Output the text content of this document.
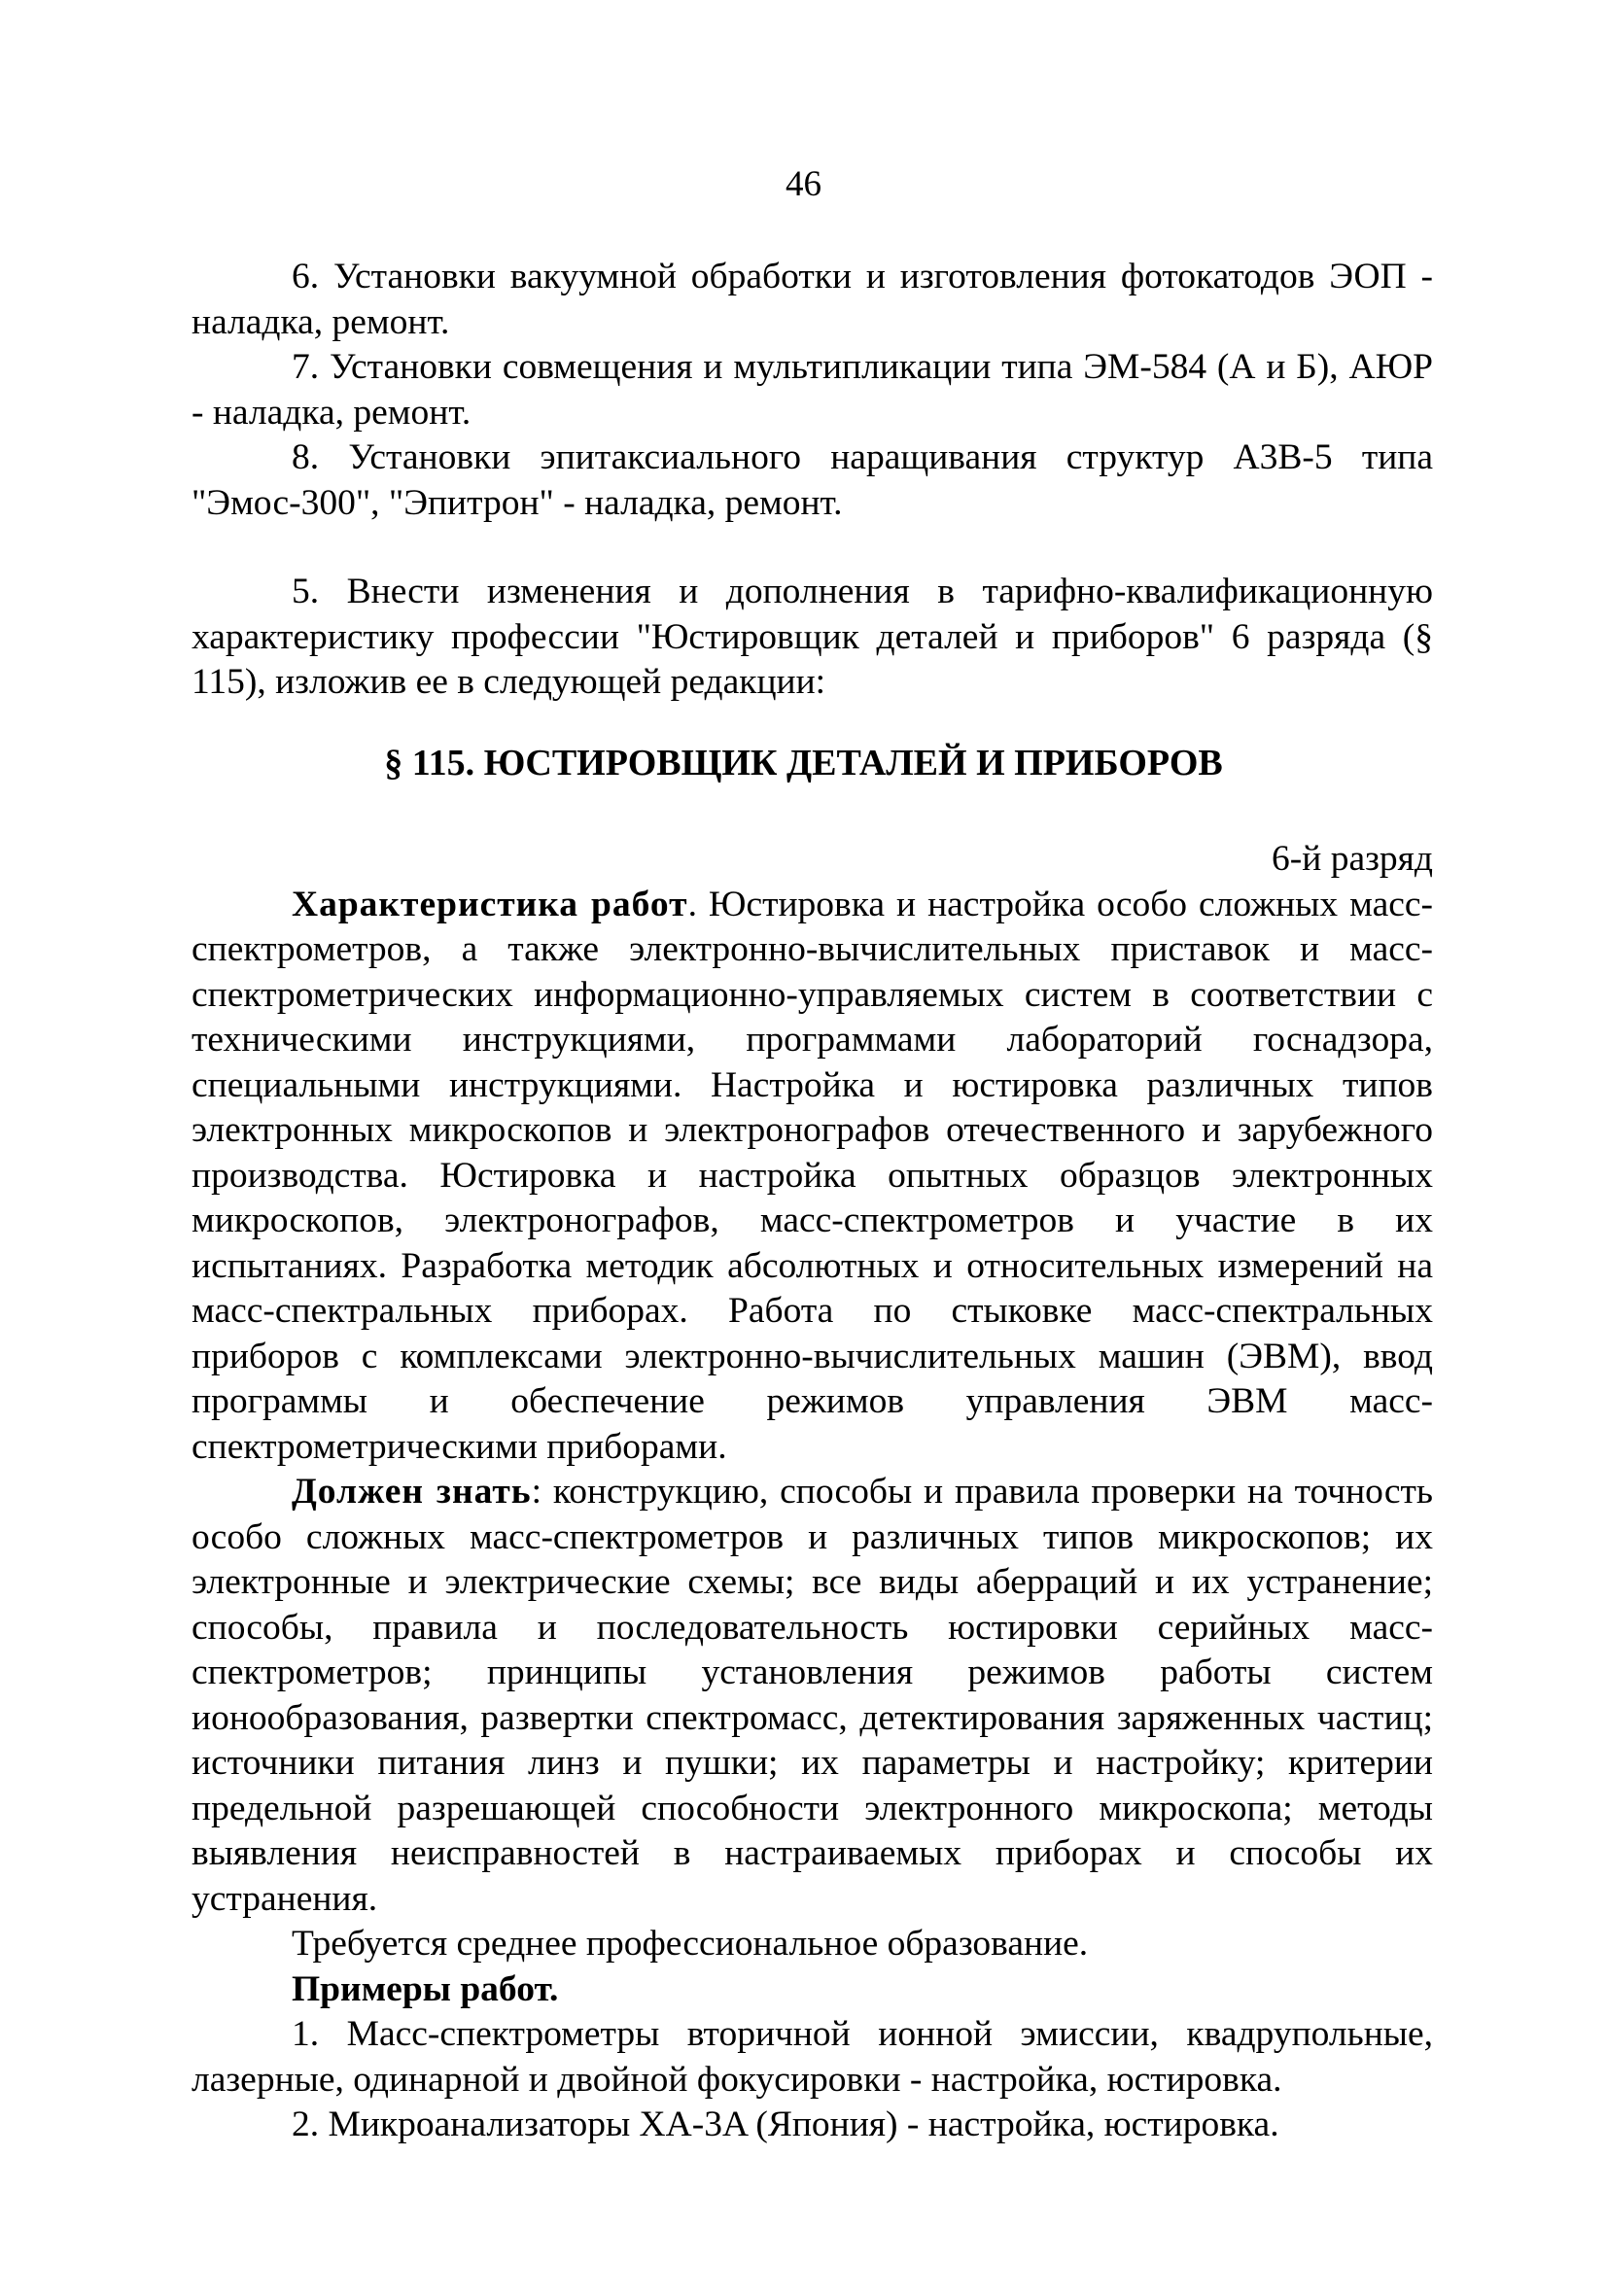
46

6. Установки вакуумной обработки и изготовления фотокатодов ЭОП - наладка, ремонт.

7. Установки совмещения и мультипликации типа ЭМ-584 (А и Б), АЮР - наладка, ремонт.

8. Установки эпитаксиального наращивания структур А3В-5 типа "Эмос-300", "Эпитрон" - наладка, ремонт.

5. Внести изменения и дополнения в тарифно-квалификационную характеристику профессии "Юстировщик деталей и приборов" 6 разряда (§ 115), изложив ее в следующей редакции:

§ 115. ЮСТИРОВЩИК ДЕТАЛЕЙ И ПРИБОРОВ

6-й разряд

Характеристика работ. Юстировка и настройка особо сложных масс-спектрометров, а также электронно-вычислительных приставок и масс-спектрометрических информационно-управляемых систем в соответствии с техническими инструкциями, программами лабораторий госнадзора, специальными инструкциями. Настройка и юстировка различных типов электронных микроскопов и электронографов отечественного и зарубежного производства. Юстировка и настройка опытных образцов электронных микроскопов, электронографов, масс-спектрометров и участие в их испытаниях. Разработка методик абсолютных и относительных измерений на масс-спектральных приборах. Работа по стыковке масс-спектральных приборов с комплексами электронно-вычислительных машин (ЭВМ), ввод программы и обеспечение режимов управления ЭВМ масс-спектрометрическими приборами.

Должен знать: конструкцию, способы и правила проверки на точность особо сложных масс-спектрометров и различных типов микроскопов; их электронные и электрические схемы; все виды аберраций и их устранение; способы, правила и последовательность юстировки серийных масс-спектрометров; принципы установления режимов работы систем ионообразования, развертки спектромасс, детектирования заряженных частиц; источники питания линз и пушки; их параметры и настройку; критерии предельной разрешающей способности электронного микроскопа; методы выявления неисправностей в настраиваемых приборах и способы их устранения.

Требуется среднее профессиональное образование.

Примеры работ.

1. Масс-спектрометры вторичной ионной эмиссии, квадрупольные, лазерные, одинарной и двойной фокусировки - настройка, юстировка.

2. Микроанализаторы XA-3A (Япония) - настройка, юстировка.
